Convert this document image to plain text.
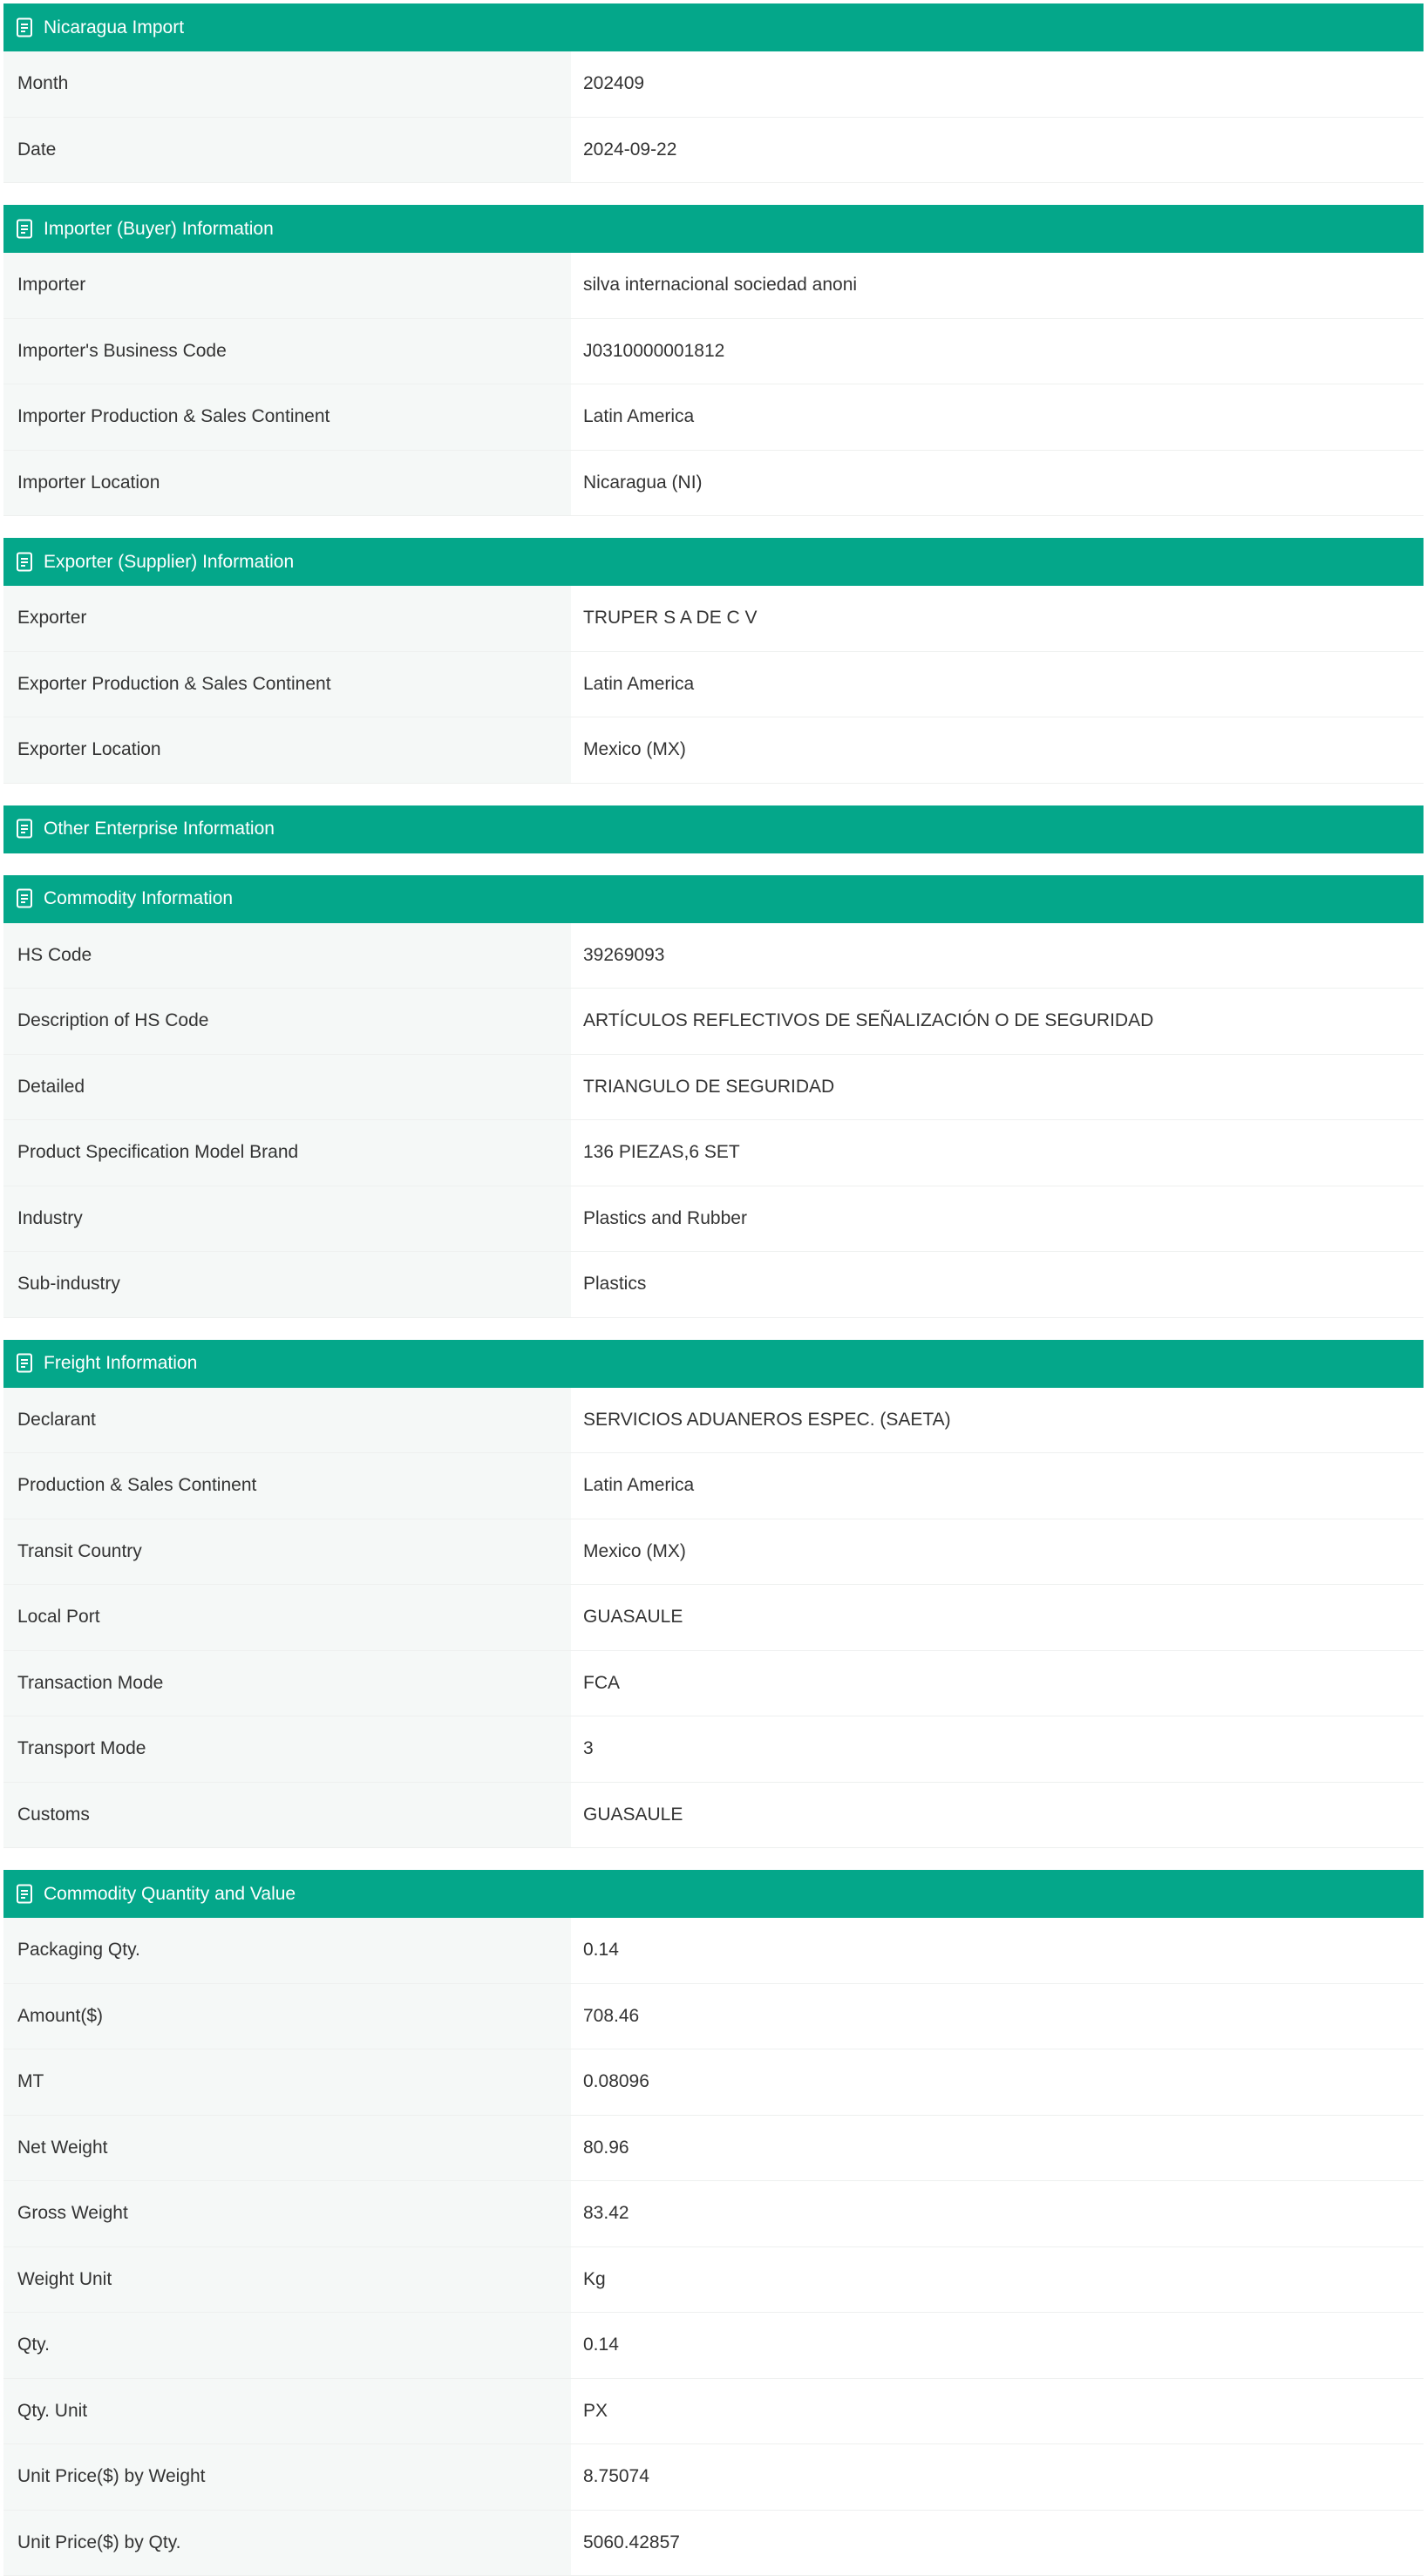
Nicaragua Import
Month	202409
Date	2024-09-22
Importer (Buyer) Information
Importer	silva internacional sociedad anoni
Importer's Business Code	J0310000001812
Importer Production & Sales Continent	Latin America
Importer Location	Nicaragua (NI)
Exporter (Supplier) Information
Exporter	TRUPER S A DE C V
Exporter Production & Sales Continent	Latin America
Exporter Location	Mexico (MX)
Other Enterprise Information
Commodity Information
HS Code	39269093
Description of HS Code	ARTÍCULOS REFLECTIVOS DE SEÑALIZACIÓN O DE SEGURIDAD
Detailed	TRIANGULO DE SEGURIDAD
Product Specification Model Brand	136 PIEZAS,6 SET
Industry	Plastics and Rubber
Sub-industry	Plastics
Freight Information
Declarant	SERVICIOS ADUANEROS ESPEC. (SAETA)
Production & Sales Continent	Latin America
Transit Country	Mexico (MX)
Local Port	GUASAULE
Transaction Mode	FCA
Transport Mode	3
Customs	GUASAULE
Commodity Quantity and Value
Packaging Qty.	0.14
Amount($)	708.46
MT	0.08096
Net Weight	80.96
Gross Weight	83.42
Weight Unit	Kg
Qty.	0.14
Qty. Unit	PX
Unit Price($) by Weight	8.75074
Unit Price($) by Qty.	5060.42857
